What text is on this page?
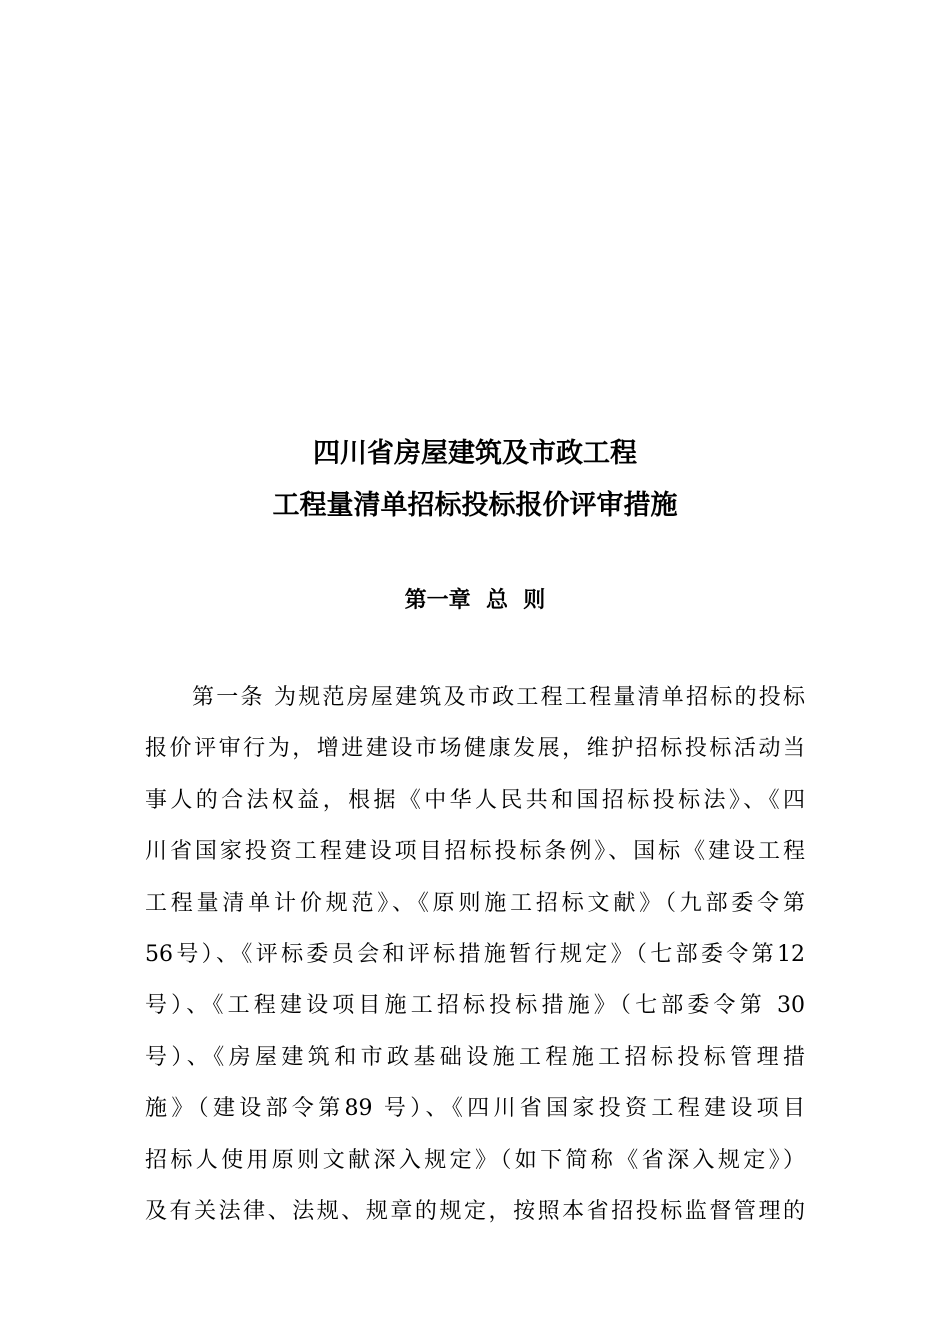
四川省房屋建筑及市政工程
工程量清单招标投标报价评审措施
第一章  总  则
第一条 为规范房屋建筑及市政工程工程量清单招标的投标
报价评审行为，增进建设市场健康发展，维护招标投标活动当
事人的合法权益，根据《中华人民共和国招标投标法》、《四
川省国家投资工程建设项目招标投标条例》、国标《建设工程
工程量清单计价规范》、《原则施工招标文献》（九部委令第
56号）、《评标委员会和评标措施暂行规定》（七部委令第12
号）、《工程建设项目施工招标投标措施》（七部委令第 30
号）、《房屋建筑和市政基础设施工程施工招标投标管理措
施》（建设部令第89 号）、《四川省国家投资工程建设项目
招标人使用原则文献深入规定》（如下简称《省深入规定》）
及有关法律、法规、规章的规定，按照本省招投标监督管理的
